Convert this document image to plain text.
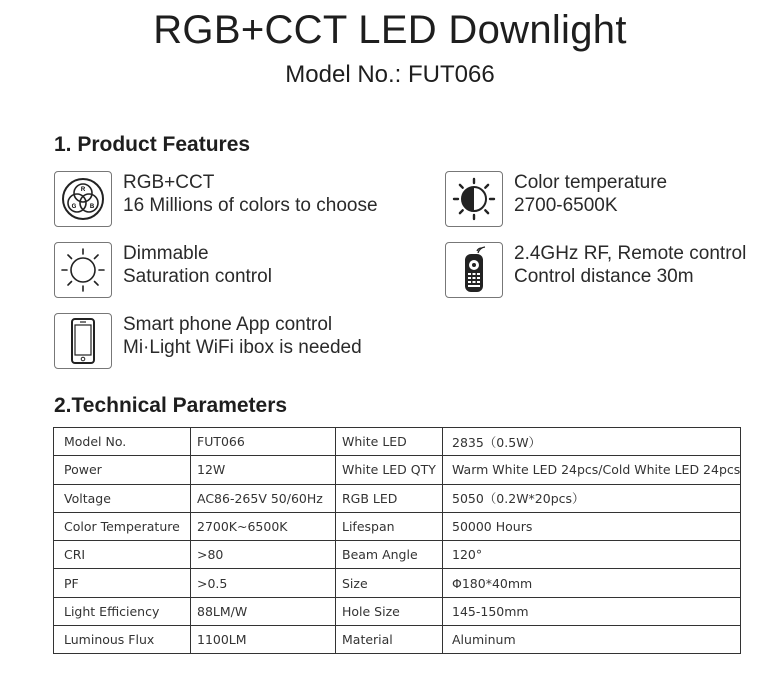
RGB+CCT LED Downlight
Model No.: FUT066
1. Product Features
R
G B
RGB+CCT
16 Millions of colors to choose
Color temperature
2700-6500K
Dimmable
Saturation control
2.4GHz RF, Remote control
Control distance 30m
Smart phone App control
Mi·Light WiFi ibox is needed
2.Technical Parameters
Model No.	FUT066	White LED	2835（0.5W）
Power	12W	White LED QTY	Warm White LED 24pcs/Cold White LED 24pcs
Voltage	AC86-265V 50/60Hz	RGB LED	5050（0.2W*20pcs）
Color Temperature	2700K~6500K	Lifespan	50000 Hours
CRI	>80	Beam Angle	120°
PF	>0.5	Size	Φ180*40mm
Light Efficiency	88LM/W	Hole Size	145-150mm
Luminous Flux	1100LM	Material	Aluminum
